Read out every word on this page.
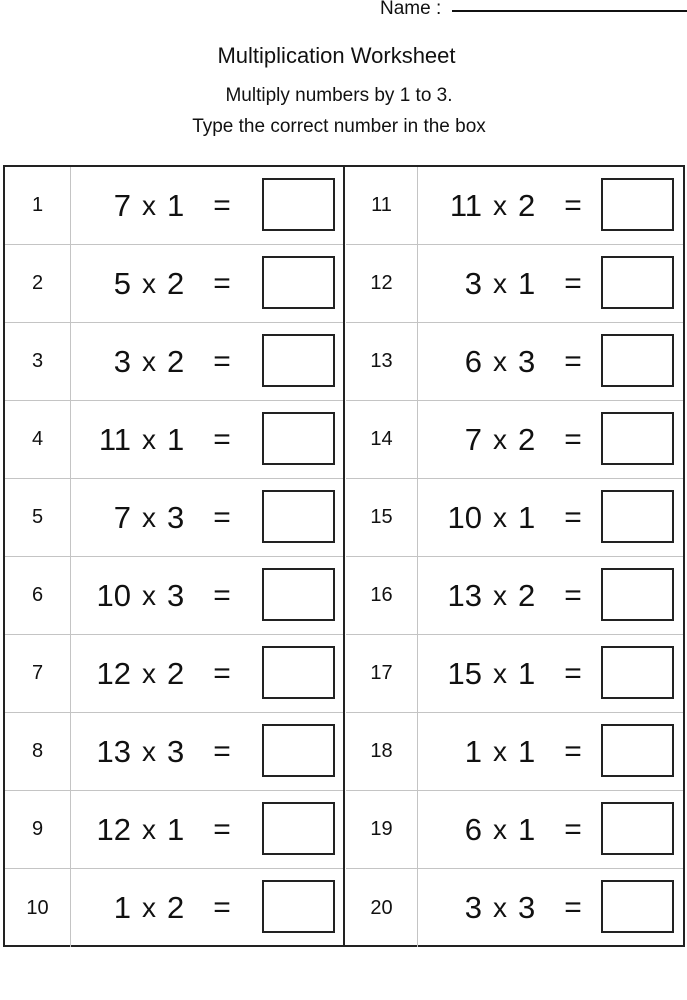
Name :
Multiplication Worksheet
Multiply numbers by 1 to 3.
Type the correct number in the box
1	7 x 1 =
2	5 x 2 =
3	3 x 2 =
4	11 x 1 =
5	7 x 3 =
6	10 x 3 =
7	12 x 2 =
8	13 x 3 =
9	12 x 1 =
10	1 x 2 =
11	11 x 2 =
12	3 x 1 =
13	6 x 3 =
14	7 x 2 =
15	10 x 1 =
16	13 x 2 =
17	15 x 1 =
18	1 x 1 =
19	6 x 1 =
20	3 x 3 =
